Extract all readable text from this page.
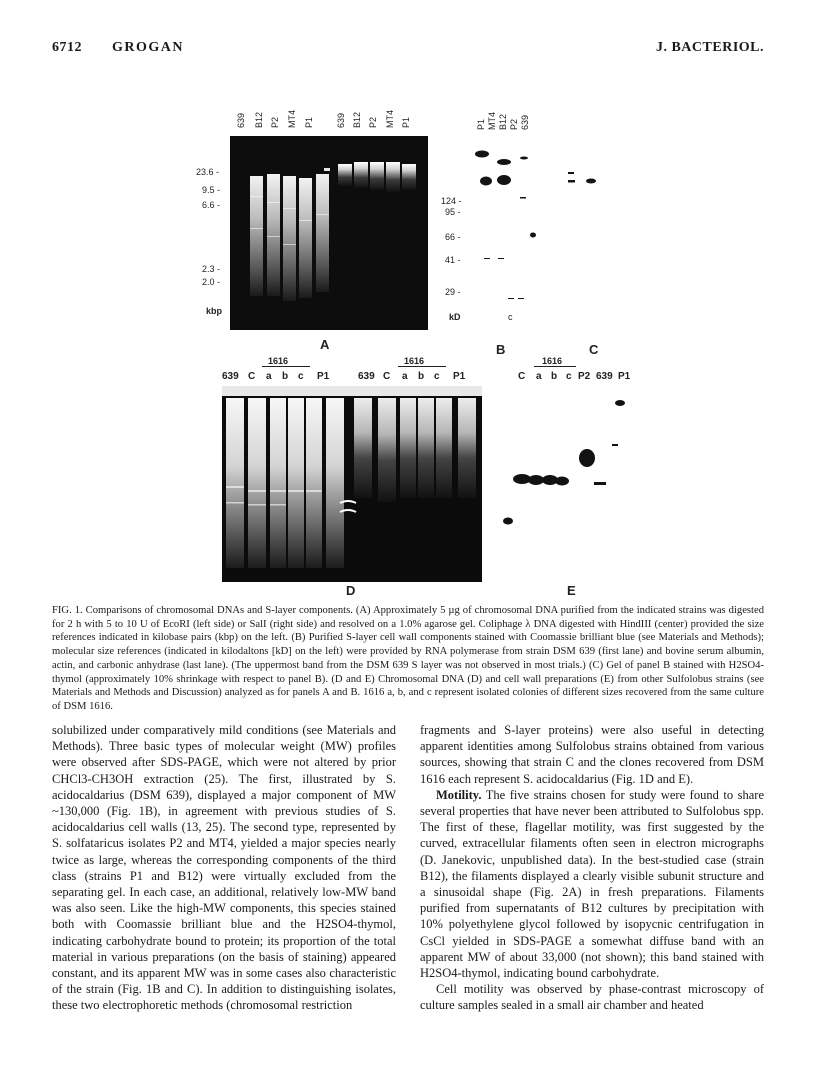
6712 GROGAN	J. BACTERIOL.
639 B12 P2 MT4 P1 639 B12 P2 MT4 P1
23.6 -
9.5 -
6.6 -
2.3 -
2.0 -
kbp
A
P1 MT4 B12 P2 639
124 -
95 -
66 -
41 -
29 -
kD	c
B	C
639 C
1616
a b c P1	639 C
1616
a b c P1
D
C
1616
a b c P2 639 P1
E
FIG. 1. Comparisons of chromosomal DNAs and S-layer components. (A) Approximately 5 µg of chromosomal DNA purified from the indicated strains was digested for 2 h with 5 to 10 U of EcoRI (left side) or SalI (right side) and resolved on a 1.0% agarose gel. Coliphage λ DNA digested with HindIII (center) provided the size references indicated in kilobase pairs (kbp) on the left. (B) Purified S-layer cell wall components stained with Coomassie brilliant blue (see Materials and Methods); molecular size references (indicated in kilodaltons [kD] on the left) were provided by RNA polymerase from strain DSM 639 (first lane) and bovine serum albumin, actin, and carbonic anhydrase (last lane). (The uppermost band from the DSM 639 S layer was not observed in most trials.) (C) Gel of panel B stained with H2SO4-thymol (approximately 10% shrinkage with respect to panel B). (D and E) Chromosomal DNA (D) and cell wall preparations (E) from other Sulfolobus strains (see Materials and Methods and Discussion) analyzed as for panels A and B. 1616 a, b, and c represent isolated colonies of different sizes recovered from the same culture of DSM 1616.

solubilized under comparatively mild conditions (see Materials and Methods). Three basic types of molecular weight (MW) profiles were observed after SDS-PAGE, which were not altered by prior CHCl3-CH3OH extraction (25). The first, illustrated by S. acidocaldarius (DSM 639), displayed a major component of MW ~130,000 (Fig. 1B), in agreement with previous studies of S. acidocaldarius cell walls (13, 25). The second type, represented by S. solfataricus isolates P2 and MT4, yielded a major species nearly twice as large, whereas the corresponding components of the third class (strains P1 and B12) were virtually excluded from the separating gel. In each case, an additional, relatively low-MW band was also seen. Like the high-MW components, this species stained both with Coomassie brilliant blue and the H2SO4-thymol, indicating carbohydrate bound to protein; its proportion of the total material in various preparations (on the basis of staining) appeared constant, and its apparent MW was in some cases also characteristic of the strain (Fig. 1B and C). In addition to distinguishing isolates, these two electrophoretic methods (chromosomal restriction

fragments and S-layer proteins) were also useful in detecting apparent identities among Sulfolobus strains obtained from various sources, showing that strain C and the clones recovered from DSM 1616 each represent S. acidocaldarius (Fig. 1D and E).

Motility. The five strains chosen for study were found to share several properties that have never been attributed to Sulfolobus spp. The first of these, flagellar motility, was first suggested by the curved, extracellular filaments often seen in electron micrographs (D. Janekovic, unpublished data). In the best-studied case (strain B12), the filaments displayed a clearly visible subunit structure and a sinusoidal shape (Fig. 2A) in fresh preparations. Filaments purified from supernatants of B12 cultures by precipitation with 10% polyethylene glycol followed by isopycnic centrifugation in CsCl yielded in SDS-PAGE a somewhat diffuse band with an apparent MW of about 33,000 (not shown); this band stained with H2SO4-thymol, indicating bound carbohydrate.

Cell motility was observed by phase-contrast microscopy of culture samples sealed in a small air chamber and heated
